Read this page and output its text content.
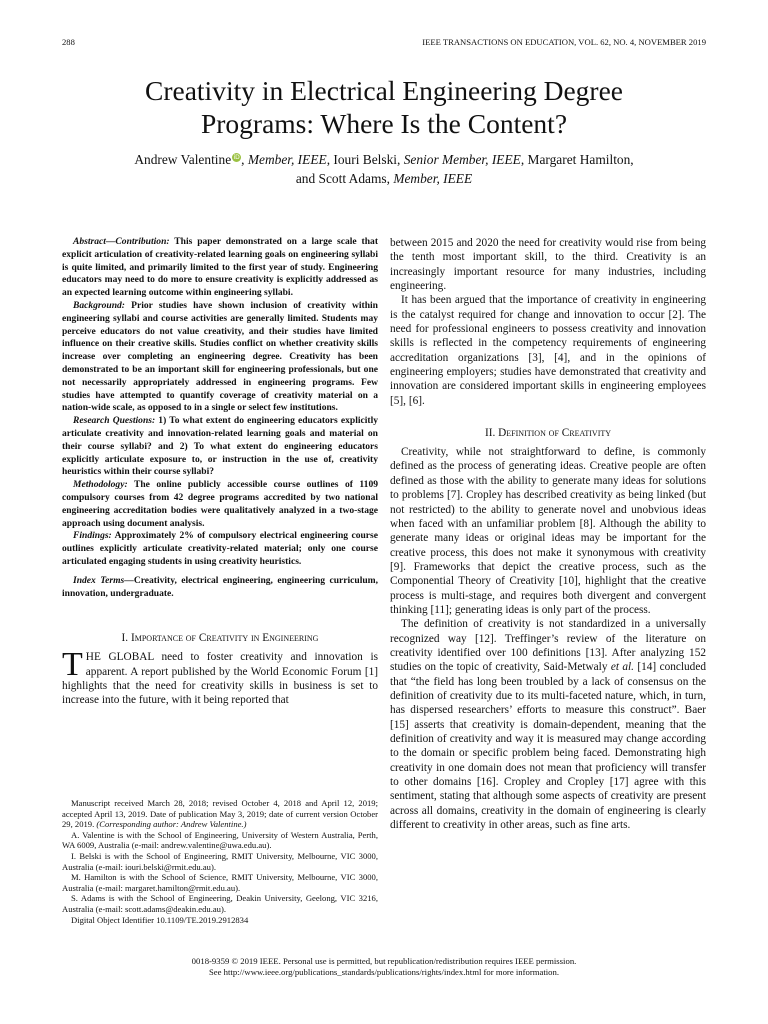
288	IEEE TRANSACTIONS ON EDUCATION, VOL. 62, NO. 4, NOVEMBER 2019
Creativity in Electrical Engineering Degree
Programs: Where Is the Content?
Andrew Valentine iD, Member, IEEE, Iouri Belski, Senior Member, IEEE, Margaret Hamilton,
and Scott Adams, Member, IEEE

Abstract—Contribution: This paper demonstrated on a large scale that explicit articulation of creativity-related learning goals on engineering syllabi is quite limited, and primarily limited to the first year of study. Engineering educators may need to do more to ensure creativity is explicitly addressed as an expected learning outcome within engineering syllabi.

Background: Prior studies have shown inclusion of creativity within engineering syllabi and course activities are generally limited. Students may perceive educators do not value creativity, and their studies have limited influence on their creative skills. Studies conflict on whether creativity skills increase over completing an engineering degree. Creativity has been demonstrated to be an important skill for engineering professionals, but one not necessarily appropriately addressed in engineering programs. Few studies have attempted to quantify coverage of creativity material on a nation-wide scale, as opposed to in a single or select few institutions.

Research Questions: 1) To what extent do engineering educators explicitly articulate creativity and innovation-related learning goals and material on their course syllabi? and 2) To what extent do engineering educators explicitly articulate exposure to, or instruction in the use of, creativity heuristics within their course syllabi?

Methodology: The online publicly accessible course outlines of 1109 compulsory courses from 42 degree programs accredited by two national engineering accreditation bodies were qualitatively analyzed in a two-stage approach using document analysis.

Findings: Approximately 2% of compulsory electrical engineering course outlines explicitly articulate creativity-related material; only one course articulated engaging students in using creativity heuristics.

Index Terms—Creativity, electrical engineering, engineering curriculum, innovation, undergraduate.

I. Importance of Creativity in Engineering

THE GLOBAL need to foster creativity and innovation is apparent. A report published by the World Economic Forum [1] highlights that the need for creativity skills in business is set to increase into the future, with it being reported that

Manuscript received March 28, 2018; revised October 4, 2018 and April 12, 2019; accepted April 13, 2019. Date of publication May 3, 2019; date of current version October 29, 2019. (Corresponding author: Andrew Valentine.)

A. Valentine is with the School of Engineering, University of Western Australia, Perth, WA 6009, Australia (e-mail: andrew.valentine@uwa.edu.au).

I. Belski is with the School of Engineering, RMIT University, Melbourne, VIC 3000, Australia (e-mail: iouri.belski@rmit.edu.au).

M. Hamilton is with the School of Science, RMIT University, Melbourne, VIC 3000, Australia (e-mail: margaret.hamilton@rmit.edu.au).

S. Adams is with the School of Engineering, Deakin University, Geelong, VIC 3216, Australia (e-mail: scott.adams@deakin.edu.au).

Digital Object Identifier 10.1109/TE.2019.2912834

between 2015 and 2020 the need for creativity would rise from being the tenth most important skill, to the third. Creativity is an increasingly important resource for many industries, including engineering.

It has been argued that the importance of creativity in engineering is the catalyst required for change and innovation to occur [2]. The need for professional engineers to possess creativity and innovation skills is reflected in the competency requirements of engineering accreditation organizations [3], [4], and in the opinions of engineering employers; studies have demonstrated that creativity and innovation are considered important skills in engineering employees [5], [6].

II. Definition of Creativity

Creativity, while not straightforward to define, is commonly defined as the process of generating ideas. Creative people are often defined as those with the ability to generate many ideas for solutions to problems [7]. Cropley has described creativity as being linked (but not restricted) to the ability to generate novel and unobvious ideas when faced with an unfamiliar problem [8]. Although the ability to generate many ideas or original ideas may be important for the creative process, this does not make it synonymous with creativity [9]. Frameworks that depict the creative process, such as the Componential Theory of Creativity [10], highlight that the creative process is multi-stage, and requires both divergent and convergent thinking [11]; generating ideas is only part of the process.

The definition of creativity is not standardized in a universally recognized way [12]. Treffinger’s review of the literature on creativity identified over 100 definitions [13]. After analyzing 152 studies on the topic of creativity, Said-Metwaly et al. [14] concluded that “the field has long been troubled by a lack of consensus on the definition of creativity due to its multi-faceted nature, which, in turn, has dispersed researchers’ efforts to measure this construct”. Baer [15] asserts that creativity is domain-dependent, meaning that the definition of creativity and way it is measured may change according to the domain or specific problem being faced. Demonstrating high creativity in one domain does not mean that proficiency will transfer to other domains [16]. Cropley and Cropley [17] agree with this sentiment, stating that although some aspects of creativity are present across all domains, creativity in the domain of engineering is clearly different to creativity in other areas, such as fine arts.

0018-9359 © 2019 IEEE. Personal use is permitted, but republication/redistribution requires IEEE permission.
See http://www.ieee.org/publications_standards/publications/rights/index.html for more information.
